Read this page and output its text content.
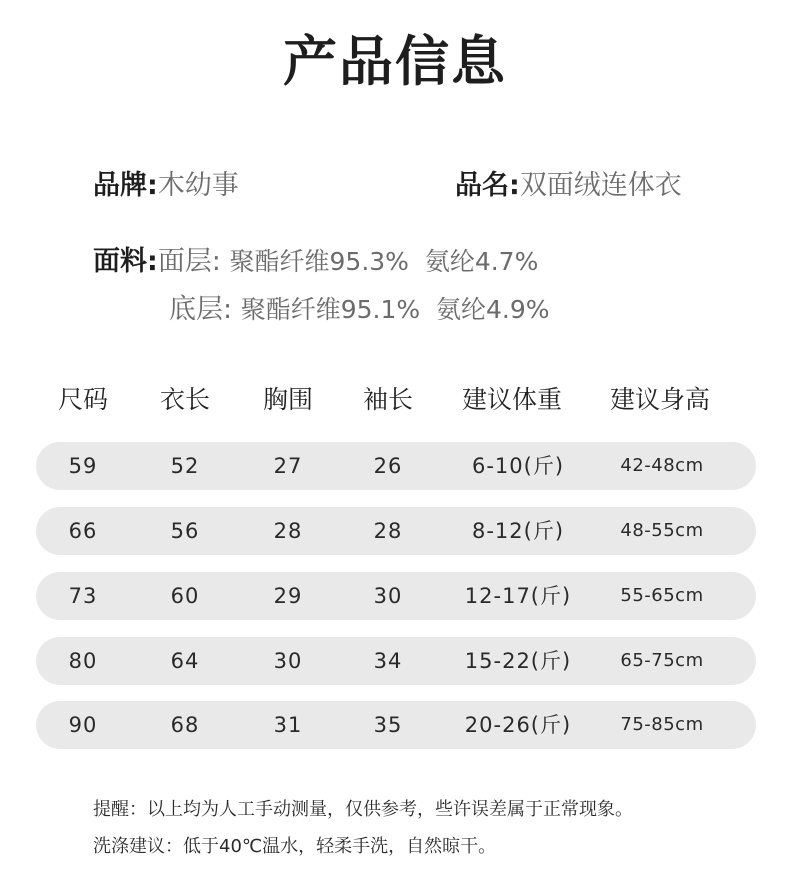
产品信息
品牌:木幼事	品名:双面绒连体衣
面料:面层: 聚酯纤维95.3%  氨纶4.7%
底层: 聚酯纤维95.1%  氨纶4.9%
尺码 衣长 胸围 袖长 建议体重 建议身高
59	52	27	26	6-10(斤)	42-48cm
66	56	28	28	8-12(斤)	48-55cm
73	60	29	30	12-17(斤)	55-65cm
80	64	30	34	15-22(斤)	65-75cm
90	68	31	35	20-26(斤)	75-85cm
提醒：以上均为人工手动测量，仅供参考，些许误差属于正常现象。
洗涤建议：低于40℃温水，轻柔手洗，自然晾干。
